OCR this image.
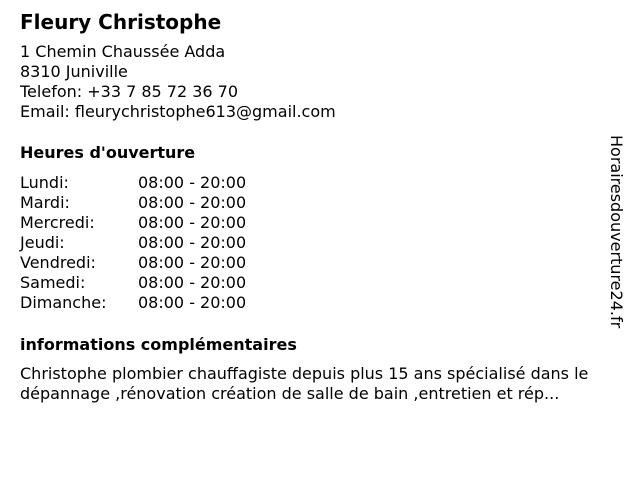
Fleury Christophe
1 Chemin Chaussée Adda
8310 Juniville
Telefon: +33 7 85 72 36 70
Email: fleurychristophe613@gmail.com
Heures d'ouverture
Lundi:	08:00 - 20:00
Mardi:	08:00 - 20:00
Mercredi:	08:00 - 20:00
Jeudi:	08:00 - 20:00
Vendredi:	08:00 - 20:00
Samedi:	08:00 - 20:00
Dimanche:	08:00 - 20:00
informations complémentaires
Christophe plombier chauffagiste depuis plus 15 ans spécialisé dans le dépannage ,rénovation création de salle de bain ,entretien et rép...
Horairesdouverture24.fr
